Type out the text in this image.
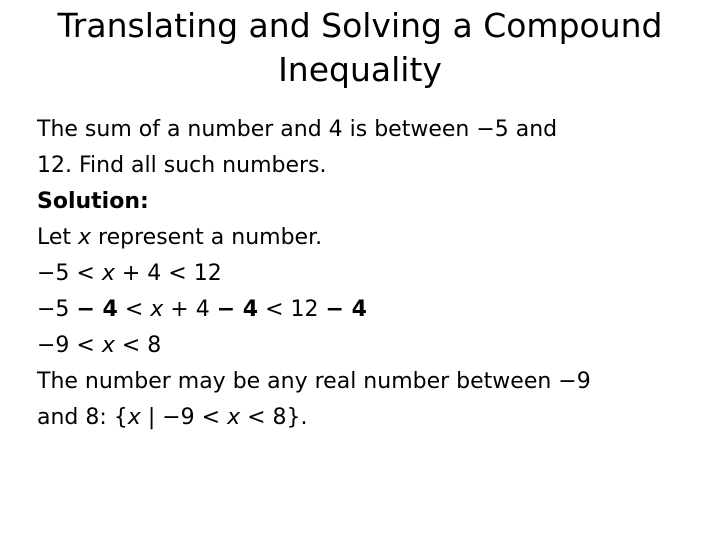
Translating and Solving a Compound
Inequality
The sum of a number and 4 is between −5 and
12. Find all such numbers.
Solution:
Let x represent a number.
−5 < x + 4 < 12
−5 − 4 < x + 4 − 4 < 12 − 4
−9 < x < 8
The number may be any real number between −9
and 8: {x | −9 < x < 8}.
